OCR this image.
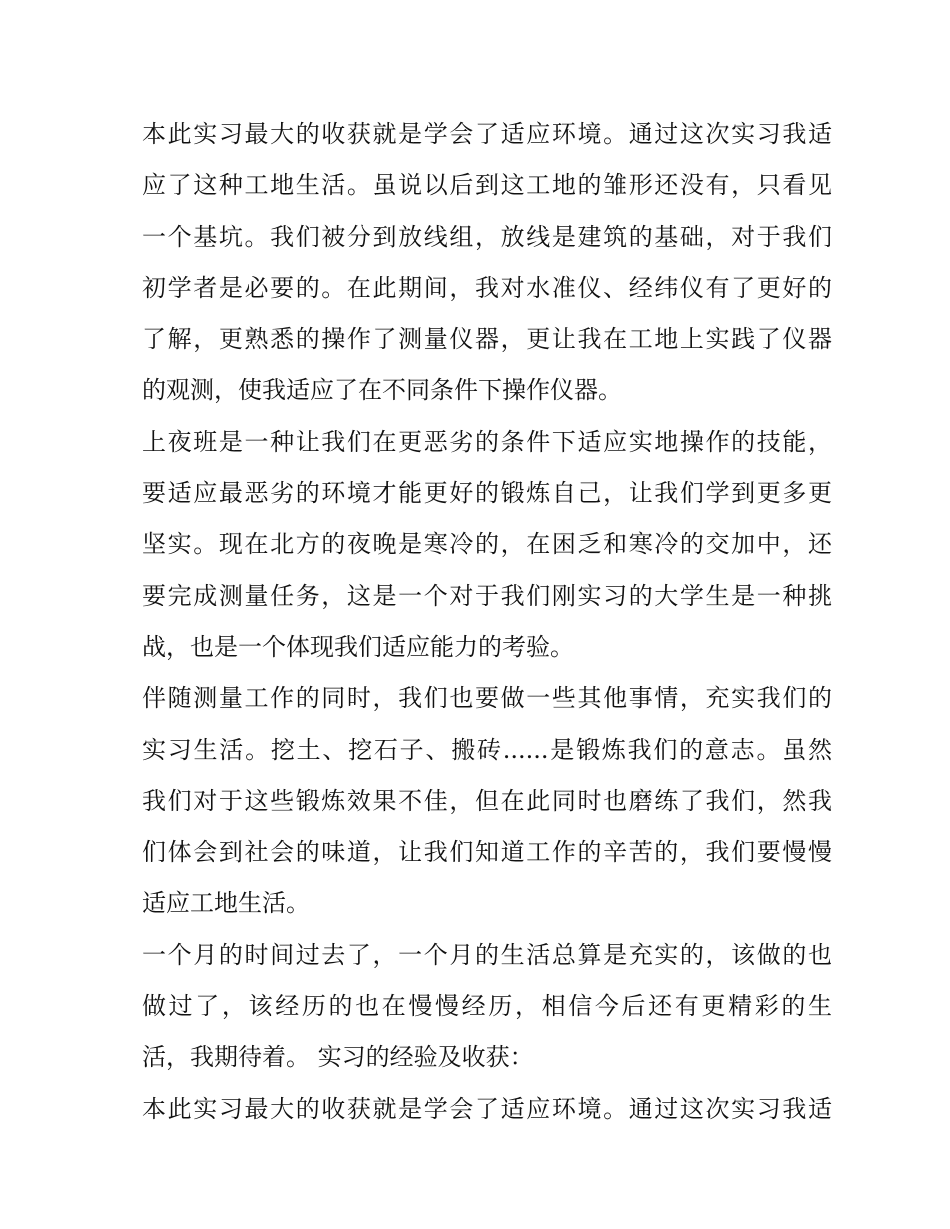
本此实习最大的收获就是学会了适应环境。通过这次实习我适
应了这种工地生活。虽说以后到这工地的雏形还没有，只看见
一个基坑。我们被分到放线组，放线是建筑的基础，对于我们
初学者是必要的。在此期间，我对水准仪、经纬仪有了更好的
了解，更熟悉的操作了测量仪器，更让我在工地上实践了仪器
的观测，使我适应了在不同条件下操作仪器。
上夜班是一种让我们在更恶劣的条件下适应实地操作的技能，
要适应最恶劣的环境才能更好的锻炼自己，让我们学到更多更
坚实。现在北方的夜晚是寒冷的，在困乏和寒冷的交加中，还
要完成测量任务，这是一个对于我们刚实习的大学生是一种挑
战，也是一个体现我们适应能力的考验。
伴随测量工作的同时，我们也要做一些其他事情，充实我们的
实习生活。挖土、挖石子、搬砖......是锻炼我们的意志。虽然
我们对于这些锻炼效果不佳，但在此同时也磨练了我们，然我
们体会到社会的味道，让我们知道工作的辛苦的，我们要慢慢
适应工地生活。
一个月的时间过去了，一个月的生活总算是充实的，该做的也
做过了，该经历的也在慢慢经历，相信今后还有更精彩的生
活，我期待着。 实习的经验及收获：
本此实习最大的收获就是学会了适应环境。通过这次实习我适
